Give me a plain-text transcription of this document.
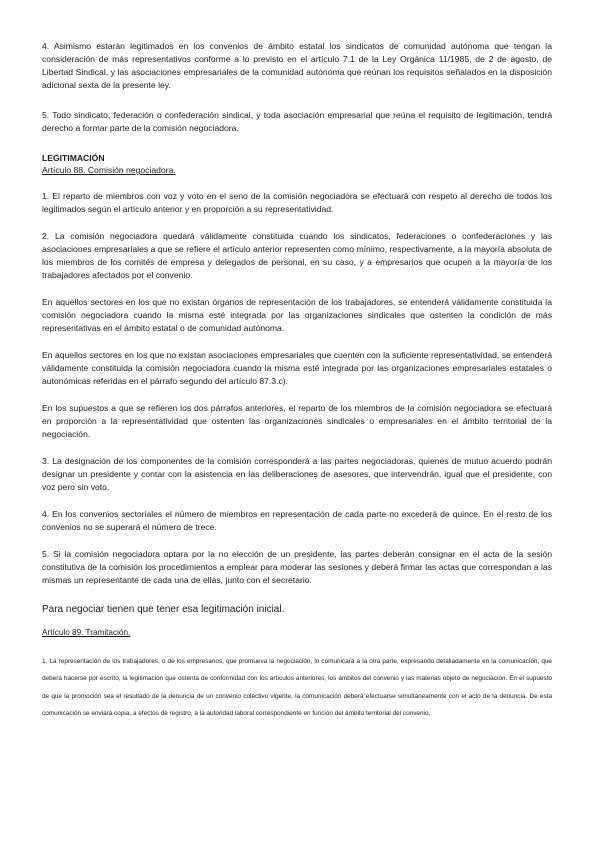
4. Asimismo estarán legitimados en los convenios de ámbito estatal los sindicatos de comunidad autónoma que tengan la consideración de más representativos conforme a lo previsto en el artículo 7.1 de la Ley Orgánica 11/1985, de 2 de agosto, de Libertad Sindical, y las asociaciones empresariales de la comunidad autónoma que reúnan los requisitos señalados en la disposición adicional sexta de la presente ley.

5. Todo sindicato, federación o confederación sindical, y toda asociación empresarial que reúna el requisito de legitimación, tendrá derecho a formar parte de la comisión negociadora.

LEGITIMACIÓN
Artículo 88. Comisión negociadora.

1. El reparto de miembros con voz y voto en el seno de la comisión negociadora se efectuará con respeto al derecho de todos los legitimados según el artículo anterior y en proporción a su representatividad.

2. La comisión negociadora quedará válidamente constituida cuando los sindicatos, federaciones o confederaciones y las asociaciones empresariales a que se refiere el artículo anterior representen como mínimo, respectivamente, a la mayoría absoluta de los miembros de los comités de empresa y delegados de personal, en su caso, y a empresarios que ocupen a la mayoría de los trabajadores afectados por el convenio.

En aquellos sectores en los que no existan órganos de representación de los trabajadores, se entenderá válidamente constituida la comisión negociadora cuando la misma esté integrada por las organizaciones sindicales que ostenten la condición de más representativas en el ámbito estatal o de comunidad autónoma.

En aquellos sectores en los que no existan asociaciones empresariales que cuenten con la suficiente representatividad, se entenderá válidamente constituida la comisión negociadora cuando la misma esté integrada por las organizaciones empresariales estatales o autonómicas referidas en el párrafo segundo del artículo 87.3.c).

En los supuestos a que se refieren los dos párrafos anteriores, el reparto de los miembros de la comisión negociadora se efectuará en proporción a la representatividad que ostenten las organizaciones sindicales o empresariales en el ámbito territorial de la negociación.

3. La designación de los componentes de la comisión corresponderá a las partes negociadoras, quienes de mutuo acuerdo podrán designar un presidente y contar con la asistencia en las deliberaciones de asesores, que intervendrán, igual que el presidente, con voz pero sin voto.

4. En los convenios sectoriales el número de miembros en representación de cada parte no excederá de quince. En el resto de los convenios no se superará el número de trece.

5. Si la comisión negociadora optara por la no elección de un presidente, las partes deberán consignar en el acta de la sesión constitutiva de la comisión los procedimientos a emplear para moderar las sesiones y deberá firmar las actas que correspondan a las mismas un representante de cada una de ellas, junto con el secretario.

Para negociar tienen que tener esa legitimación inicial.

Artículo 89. Tramitación.

1. La representación de los trabajadores, o de los empresarios, que promueva la negociación, lo comunicará a la otra parte, expresando detalladamente en la comunicación, que deberá hacerse por escrito, la legitimación que ostenta de conformidad con los artículos anteriores, los ámbitos del convenio y las materias objeto de negociación. En el supuesto de que la promoción sea el resultado de la denuncia de un convenio colectivo vigente, la comunicación deberá efectuarse simultáneamente con el acto de la denuncia. De esta comunicación se enviará copia, a efectos de registro, a la autoridad laboral correspondiente en función del ámbito territorial del convenio.
